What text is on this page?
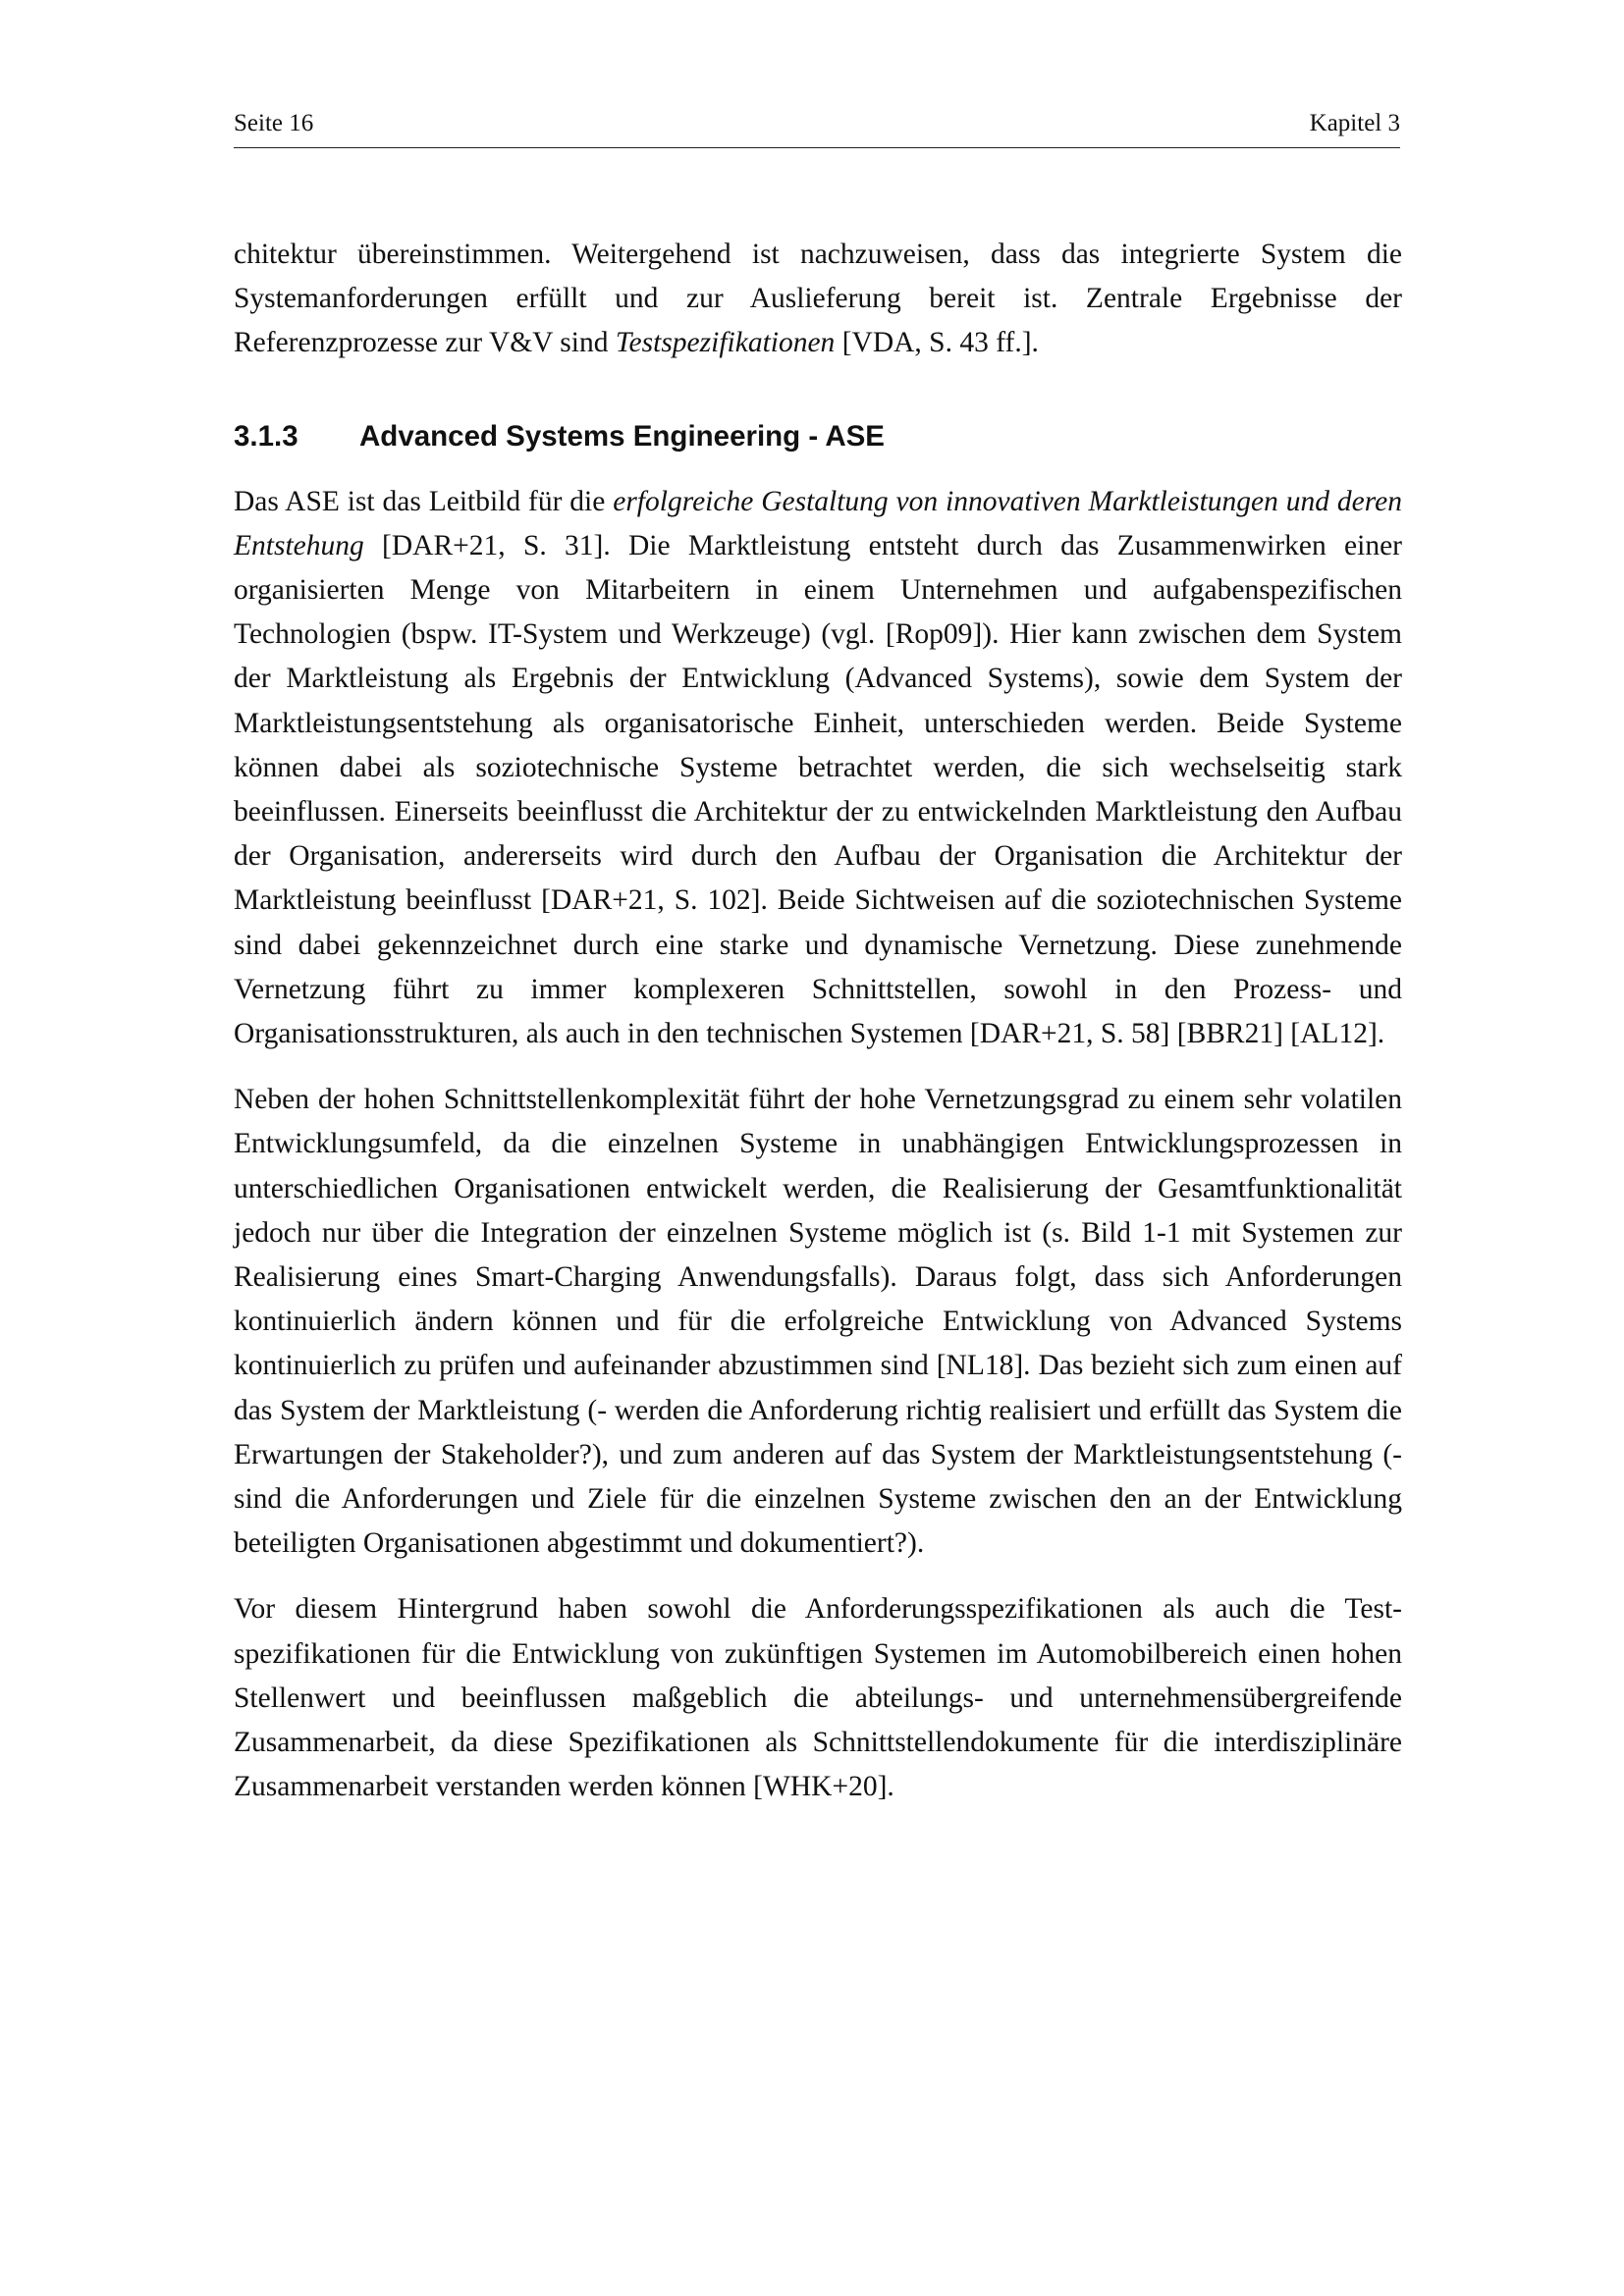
Seite 16	Kapitel 3

chitektur übereinstimmen. Weitergehend ist nachzuweisen, dass das integrierte System die Systemanforderungen erfüllt und zur Auslieferung bereit ist. Zentrale Ergebnisse der Referenzprozesse zur V&V sind Testspezifikationen [VDA, S. 43 ff.].

3.1.3 Advanced Systems Engineering - ASE

Das ASE ist das Leitbild für die erfolgreiche Gestaltung von innovativen Marktleistungen und deren Entstehung [DAR+21, S. 31]. Die Marktleistung entsteht durch das Zusammenwirken einer organisierten Menge von Mitarbeitern in einem Unternehmen und aufgabenspezifischen Technologien (bspw. IT-System und Werkzeuge) (vgl. [Rop09]). Hier kann zwischen dem System der Marktleistung als Ergebnis der Entwicklung (Advanced Systems), sowie dem System der Marktleistungsentstehung als organisatorische Einheit, unterschieden werden. Beide Systeme können dabei als soziotechnische Systeme betrachtet werden, die sich wechselseitig stark beeinflussen. Einerseits beeinflusst die Architektur der zu entwickelnden Marktleistung den Aufbau der Organisation, andererseits wird durch den Aufbau der Organisation die Architektur der Marktleistung beeinflusst [DAR+21, S. 102]. Beide Sichtweisen auf die soziotechnischen Systeme sind dabei gekennzeichnet durch eine starke und dynamische Vernetzung. Diese zunehmende Vernetzung führt zu immer komplexeren Schnittstellen, sowohl in den Prozess- und Organisationsstrukturen, als auch in den technischen Systemen [DAR+21, S. 58] [BBR21] [AL12].

Neben der hohen Schnittstellenkomplexität führt der hohe Vernetzungsgrad zu einem sehr volatilen Entwicklungsumfeld, da die einzelnen Systeme in unabhängigen Entwicklungsprozessen in unterschiedlichen Organisationen entwickelt werden, die Realisierung der Gesamtfunktionalität jedoch nur über die Integration der einzelnen Systeme möglich ist (s. Bild 1-1 mit Systemen zur Realisierung eines Smart-Charging Anwendungsfalls). Daraus folgt, dass sich Anforderungen kontinuierlich ändern können und für die erfolgreiche Entwicklung von Advanced Systems kontinuierlich zu prüfen und aufeinander abzustimmen sind [NL18]. Das bezieht sich zum einen auf das System der Marktleistung (- werden die Anforderung richtig realisiert und erfüllt das System die Erwartungen der Stakeholder?), und zum anderen auf das System der Marktleistungsentstehung (- sind die Anforderungen und Ziele für die einzelnen Systeme zwischen den an der Entwicklung beteiligten Organisationen abgestimmt und dokumentiert?).

Vor diesem Hintergrund haben sowohl die Anforderungsspezifikationen als auch die Testspezifikationen für die Entwicklung von zukünftigen Systemen im Automobilbereich einen hohen Stellenwert und beeinflussen maßgeblich die abteilungs- und unternehmensübergreifende Zusammenarbeit, da diese Spezifikationen als Schnittstellendokumente für die interdisziplinäre Zusammenarbeit verstanden werden können [WHK+20].
